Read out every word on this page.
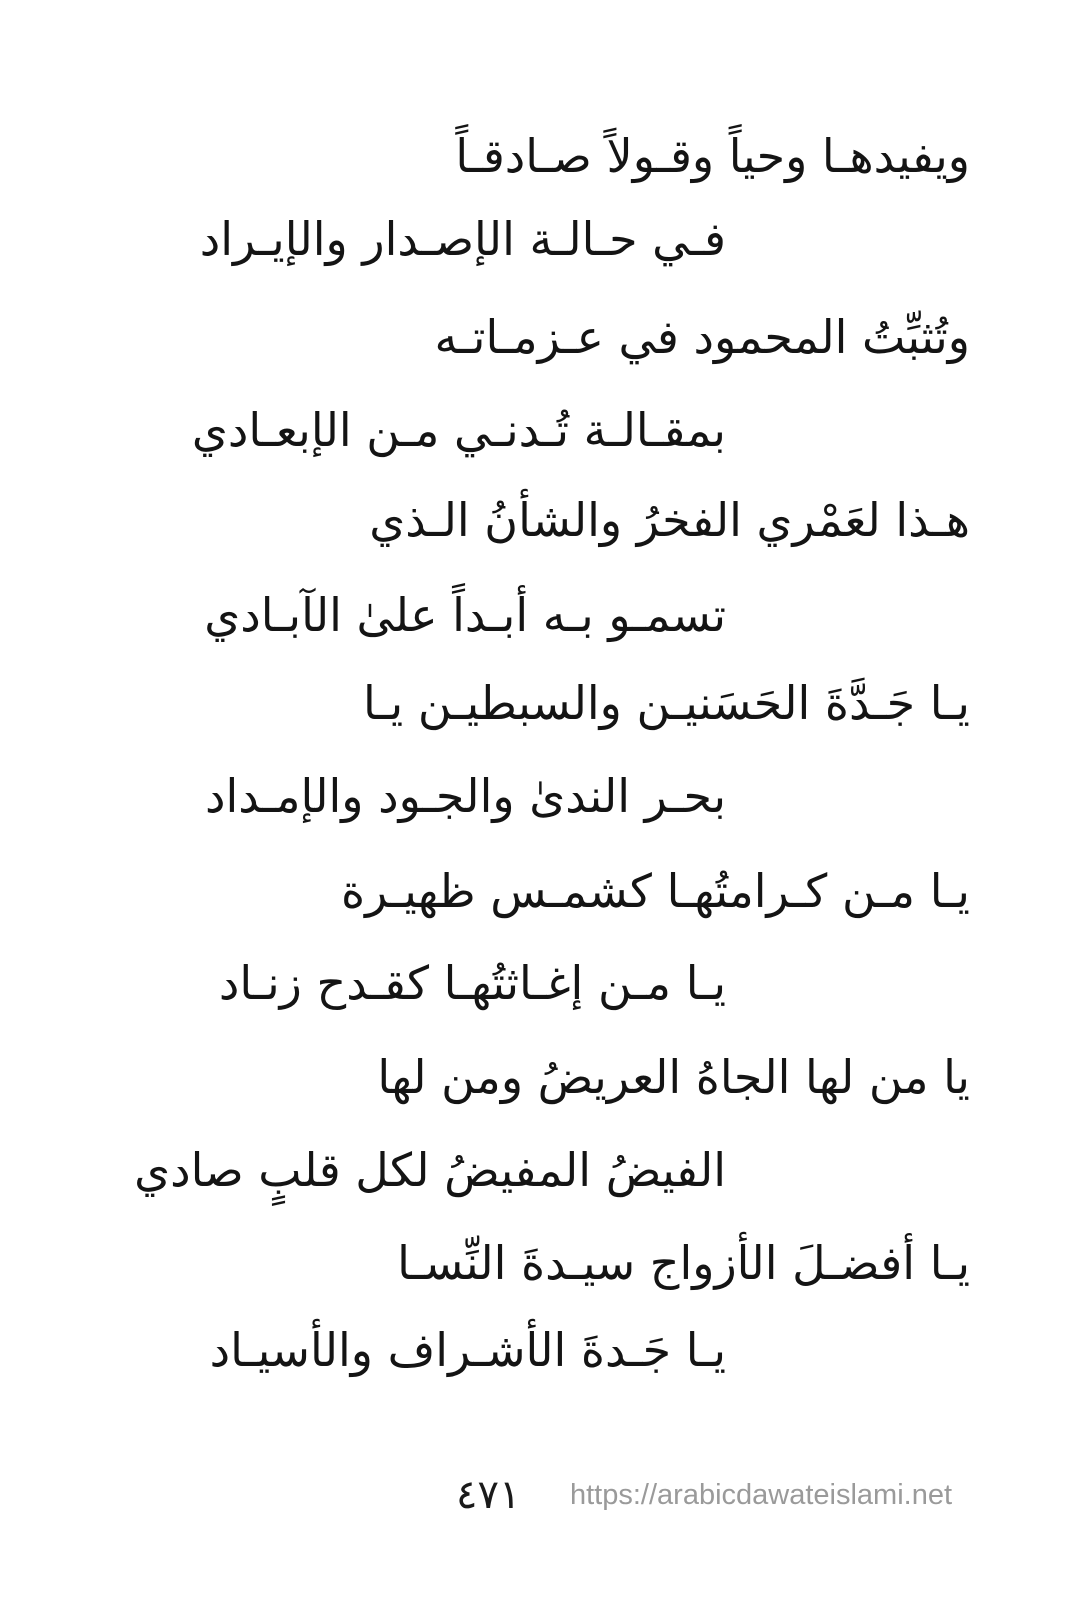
ويفيدهـا وحياً وقـولاً صـادقـاً
فـي حـالـة الإصـدار والإيـراد
وتُثبِّتُ المحمود في عـزمـاتـه
بمقـالـة تُـدنـي مـن الإبعـادي
هـذا لعَمْري الفخرُ والشأنُ الـذي
تسمـو بـه أبـداً علىٰ الآبـادي
يـا جَـدَّةَ الحَسَنيـن والسبطيـن يـا
بحـر الندىٰ والجـود والإمـداد
يـا مـن كـرامتُهـا كشمـس ظهيـرة
يـا مـن إغـاثتُهـا كقـدح زنـاد
يا من لها الجاهُ العريضُ ومن لها
الفيضُ المفيضُ لكل قلبٍ صادي
يـا أفضـلَ الأزواج سيـدةَ النِّسـا
يـا جَـدةَ الأشـراف والأسيـاد
٤٧١ https://arabicdawateislami.net
